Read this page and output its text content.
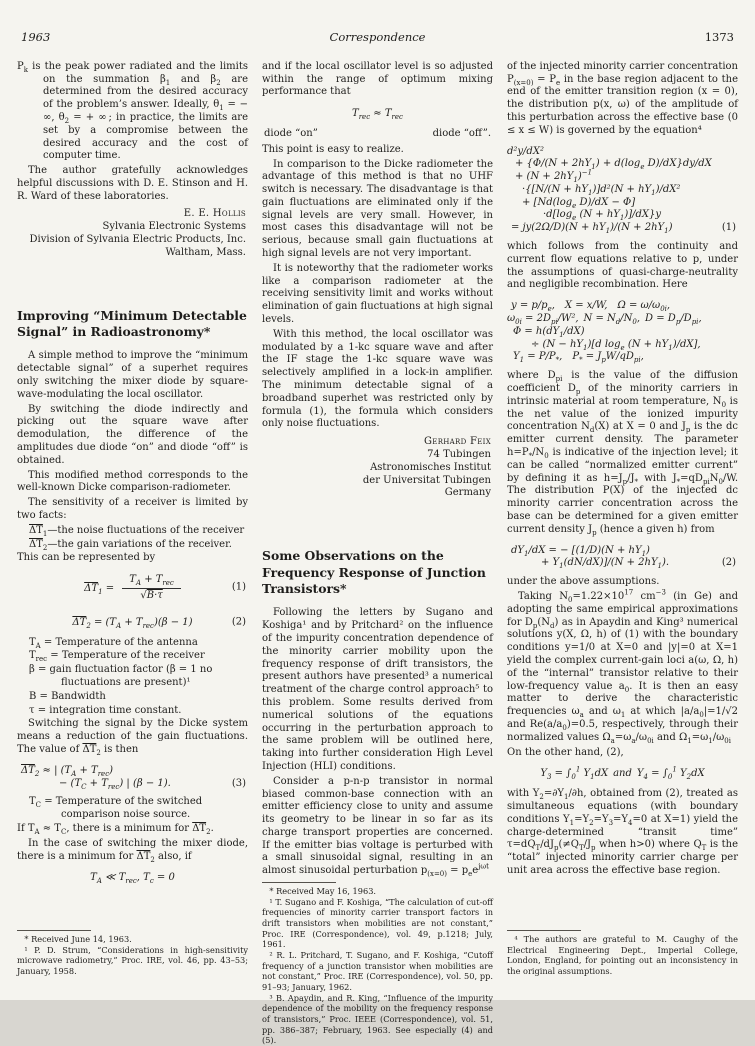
1963	Correspondence	1373

$P_k$ is the peak power radiated and the limits on the summation $\beta_1$ and $\beta_2$ are determined from the desired accuracy of the problem’s answer. Ideally, $\theta_1$ = − ∞, $\theta_2$ = + ∞ ; in practice, the limits are set by a compromise between the desired accuracy and the cost of computer time.

The author gratefully acknowledges helpful discussions with D. E. Stinson and H. R. Ward of these laboratories.

E. E. Hollis
Sylvania Electronic Systems
Division of Sylvania Electric Products, Inc.
Waltham, Mass.
Improving “Minimum Detectable Signal” in Radioastronomy*

A simple method to improve the “minimum detectable signal” of a superhet requires only switching the mixer diode by square-wave-modulating the local oscillator.

By switching the diode indirectly and picking out the square wave after demodulation, the difference of the amplitudes due diode “on” and diode “off” is obtained.

This modified method corresponds to the well-known Dicke comparison-radiometer.

The sensitivity of a receiver is limited by two facts:

$\overline{\Delta T}_1—the$ noise fluctuations of the receiver

$\overline{\Delta T}_2—the$ gain variations of the receiver.

This can be represented by

$\overline{\Delta T}_1 = \frac{T_A + T_{rec}}{√B\cdot\tau}$	(1)
$\overline{\Delta T}_2 = (T_A + T_{rec})(\beta - 1)$	(2)

$T_A$ = Temperature of the antenna

$T_{rec}$ = Temperature of the receiver

β = gain fluctuation factor (β = 1 no fluctuations are present)¹

B = Bandwidth

τ = integration time constant.

Switching the signal by the Dicke system means a reduction of the gain fluctuations. The value of $\overline{\Delta T}_2$ is then

$\overline{\Delta T}_2$ ≈ | $(T_A + T_{rec})$
− $(T_C + T_{rec})$ | (β − 1).	(3)

$T_C$ = Temperature of the switched comparison noise source.

If $T_A \approx T_C$, there is a minimum for $\overline{\Delta T}_2$.

In the case of switching the mixer diode, there is a minimum for $\overline{\Delta T}_2$ also, if

$T_A$ ≪ $T_{rec}$, $T_c = 0$

* Received June 14, 1963.

¹ P. D. Strum, “Considerations in high-sensitivity microwave radiometry,” Proc. IRE, vol. 46, pp. 43–53; January, 1958.

and if the local oscillator level is so adjusted within the range of optimum mixing performance that

$T_{rec} \approx T_{rec}$
diode “on”	diode “off”.

This point is easy to realize.

In comparison to the Dicke radiometer the advantage of this method is that no UHF switch is necessary. The disadvantage is that gain fluctuations are eliminated only if the signal levels are very small. However, in most cases this disadvantage will not be serious, because small gain fluctuations at high signal levels are not very important.

It is noteworthy that the radiometer works like a comparison radiometer at the receiving sensitivity limit and works without elimination of gain fluctuations at high signal levels.

With this method, the local oscillator was modulated by a 1-kc square wave and after the IF stage the 1-kc square wave was selectively amplified in a lock-in amplifier. The minimum detectable signal of a broadband superhet was restricted only by formula (1), the formula which considers only noise fluctuations.

Gerhard Feix
74 Tubingen
Astronomisches Institut
der Universitat Tubingen
Germany
Some Observations on the Frequency Response of Junction Transistors*

Following the letters by Sugano and Koshiga¹ and by Pritchard² on the influence of the impurity concentration dependence of the minority carrier mobility upon the frequency response of drift transistors, the present authors have presented³ a numerical treatment of the charge control approach⁵ to this problem. Some results derived from numerical solutions of the equations occurring in the perturbation approach to the same problem will be outlined here, taking into further consideration High Level Injection (HLI) conditions.

Consider a p-n-p transistor in normal biased common-base connection with an emitter efficiency close to unity and assume its geometry to be linear in so far as its charge transport properties are concerned. If the emitter bias voltage is perturbed with a small sinusoidal signal, resulting in an almost sinusoidal perturbation $p_{(x=0)} = p_ee^{j\omega t}$

* Received May 16, 1963.

¹ T. Sugano and F. Koshiga, “The calculation of cut-off frequencies of minority carrier transport factors in drift transistors when mobilities are not constant,” Proc. IRE (Correspondence), vol. 49, p.1218; July, 1961.

² R. L. Pritchard, T. Sugano, and F. Koshiga, “Cutoff frequency of a junction transistor when mobilities are not constant,” Proc. IRE (Correspondence), vol. 50, pp. 91–93; January, 1962.

³ B. Apaydin, and R. King, “Influence of the impurity dependence of the mobility on the frequency response of transistors,” Proc. IEEE (Correspondence), vol. 51, pp. 386–387; February, 1963. See especially (4) and (5).

of the injected minority carrier concentration $P_{(x=0)} = P_e$ in the base region adjacent to the end of the emitter transition region (x = 0), the distribution p(x, ω) of the amplitude of this perturbation across the effective base (0 ≤ x ≤ W) is governed by the equation⁴

d²y/dX²
+ {$\Phi/(N + 2hY_1) + d(\log_e$ D)/dX}dy/dX
+ $(N + 2hY_1)^{-1}$
$\cdot\{[N/(N + hY_1)]d^2(N + hY_1)/dX^2$
+ [$Nd(\log_e$ D)/dX − Φ]
$\cdot d[\log_e$ $(N + hY_1)]/dX\}y$
= $jy(2\Omega/D)(N + hY_1)/(N + 2hY_1)$	(1)

which follows from the continuity and current flow equations relative to p, under the assumptions of quasi-charge-neutrality and negligible recombination. Here

$y = p/p_e$, X = x/W, $\Omega = \omega/\omega_{0i}$,
$\omega_{0i} = 2D_{pi}/W^2$, $N = N_d/N_0$, $D = D_p/D_{pi}$,
$\Phi = h(dY_1/dX)$
÷ $(N - hY_1)[d$ $\log_e (N + hY_1)/dX$],
$Y_1 = P/P_*$, $P_* = J_pW/qD_{pi}$,

where $D_{pi}$ is the value of the diffusion coefficient $D_p$ of the minority carriers in intrinsic material at room temperature, $N_0$ is the net value of the ionized impurity concentration $N_d(X)$ at X = 0 and $J_p$ is the dc emitter current density. The parameter $h=P_*/N_0$ is indicative of the injection level; it can be called “normalized emitter current” by defining it as $h=J_p/J_*$ with $J_*=qD_{pi}N_0/W$. The distribution P(X) of the injected dc minority carrier concentration across the base can be determined for a given emitter current density $J_p$ (hence a given h) from

$dY_1/dX$ = − [$(1/D)(N + hY_1)$
+ $Y_1(dN/dX)]/(N + 2hY_1)$.	(2)

under the above assumptions.

Taking $N_0=1.22\times 10^{17}$ $cm^{-3}$ (in Ge) and adopting the same empirical approximations for $D_p(N_d)$ as in Apaydin and King³ numerical solutions y(X, Ω, h) of (1) with the boundary conditions y=1/0 at X=0 and |y|=0 at X=1 yield the complex current-gain loci a(ω, Ω, h) of the “internal” transistor relative to their low-frequency value $a_0$. It is then an easy matter to derive the characteristic frequencies $\omega_a$ and $\omega_1$ at which $|a/a_0|=1/√2$ and $Re(a/a_0)=0.5$, respectively, through their normalized values $\Omega_a=\omega_a/\omega_{0i}$ and $\Omega_1=\omega_1/\omega_{0i}$

On the other hand, (2),

$Y_3 = \int_0^1$ $Y_1dX$ and $Y_4 = \int_0^1$ $Y_2dX$

with $Y_2=\partial Y_1/\partial h$, obtained from (2), treated as simultaneous equations (with boundary conditions $Y_1=Y_2=Y_3=Y_4=0$ at X=1) yield the charge-determined “transit time” $\tau=dQ_T/dJ_p(\ne Q_T/J_p$ when h>0) where $Q_T$ is the “total” injected minority carrier charge per unit area across the effective base region.

⁴ The authors are grateful to M. Caughy of the Electrical Engineering Dept., Imperial College, London, England, for pointing out an inconsistency in the original assumptions.
